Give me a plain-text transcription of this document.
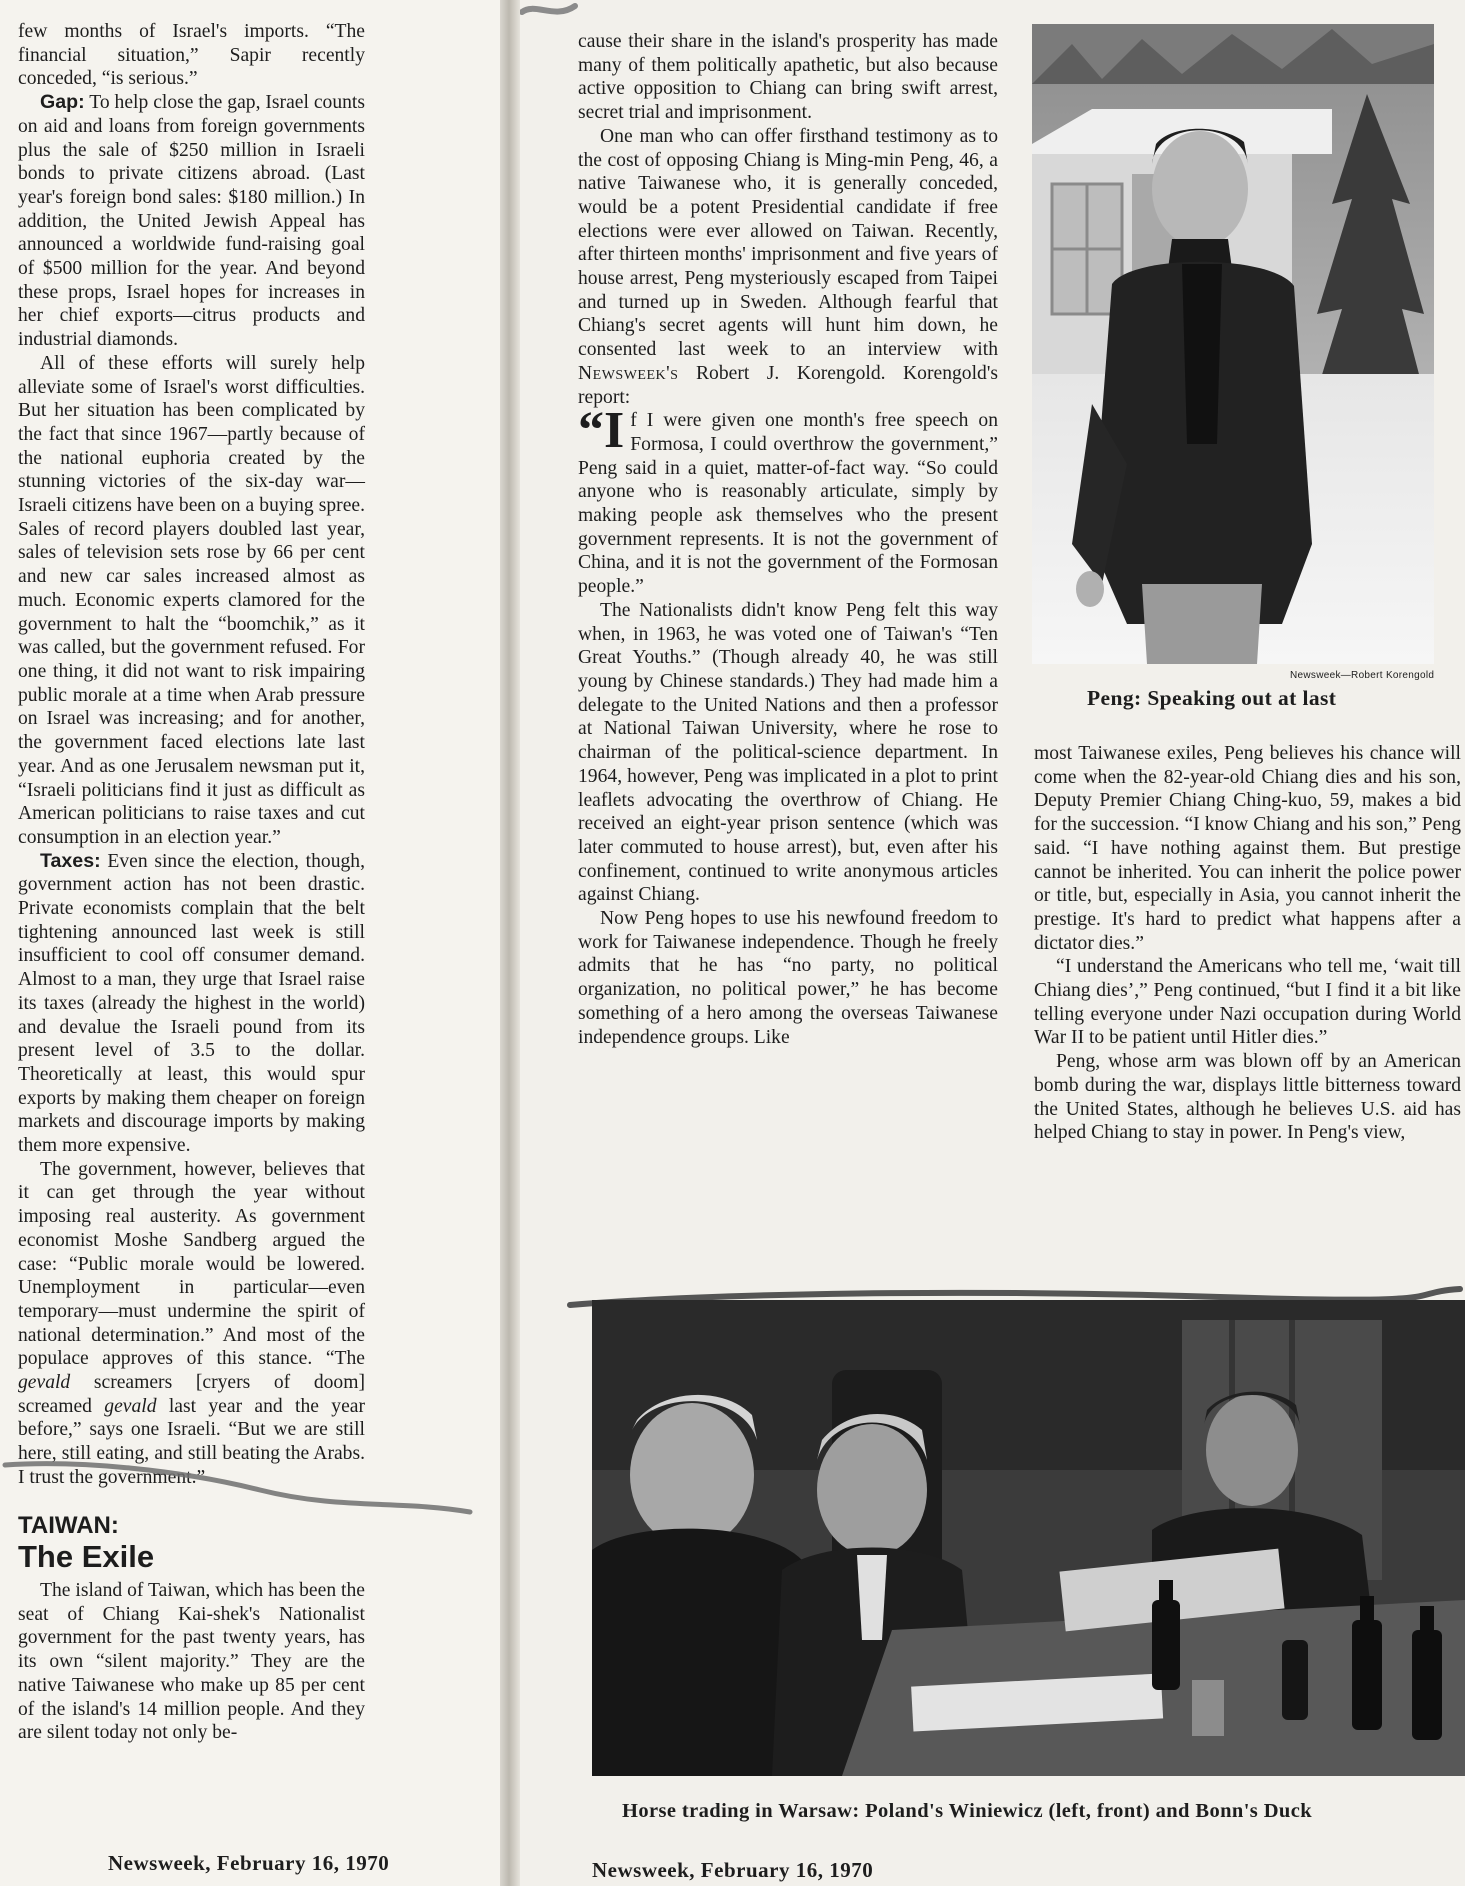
few months of Israel's imports. “The financial situation,” Sapir recently conceded, “is serious.”

Gap: To help close the gap, Israel counts on aid and loans from foreign governments plus the sale of $250 million in Israeli bonds to private citizens abroad. (Last year's foreign bond sales: $180 million.) In addition, the United Jewish Appeal has announced a worldwide fund-raising goal of $500 million for the year. And beyond these props, Israel hopes for increases in her chief exports—citrus products and industrial diamonds.

All of these efforts will surely help alleviate some of Israel's worst difficulties. But her situation has been complicated by the fact that since 1967—partly because of the national euphoria created by the stunning victories of the six-day war—Israeli citizens have been on a buying spree. Sales of record players doubled last year, sales of television sets rose by 66 per cent and new car sales increased almost as much. Economic experts clamored for the government to halt the “boomchik,” as it was called, but the government refused. For one thing, it did not want to risk impairing public morale at a time when Arab pressure on Israel was increasing; and for another, the government faced elections late last year. And as one Jerusalem newsman put it, “Israeli politicians find it just as difficult as American politicians to raise taxes and cut consumption in an election year.”

Taxes: Even since the election, though, government action has not been drastic. Private economists complain that the belt tightening announced last week is still insufficient to cool off consumer demand. Almost to a man, they urge that Israel raise its taxes (already the highest in the world) and devalue the Israeli pound from its present level of 3.5 to the dollar. Theoretically at least, this would spur exports by making them cheaper on foreign markets and discourage imports by making them more expensive.

The government, however, believes that it can get through the year without imposing real austerity. As government economist Moshe Sandberg argued the case: “Public morale would be lowered. Unemployment in particular—even temporary—must undermine the spirit of national determination.” And most of the populace approves of this stance. “The gevald screamers [cryers of doom] screamed gevald last year and the year before,” says one Israeli. “But we are still here, still eating, and still beating the Arabs. I trust the government.”

TAIWAN:
The Exile

The island of Taiwan, which has been the seat of Chiang Kai-shek's Nationalist government for the past twenty years, has its own “silent majority.” They are the native Taiwanese who make up 85 per cent of the island's 14 million people. And they are silent today not only be-

Newsweek, February 16, 1970

cause their share in the island's prosperity has made many of them politically apathetic, but also because active opposition to Chiang can bring swift arrest, secret trial and imprisonment.

One man who can offer firsthand testimony as to the cost of opposing Chiang is Ming-min Peng, 46, a native Taiwanese who, it is generally conceded, would be a potent Presidential candidate if free elections were ever allowed on Taiwan. Recently, after thirteen months' imprisonment and five years of house arrest, Peng mysteriously escaped from Taipei and turned up in Sweden. Although fearful that Chiang's secret agents will hunt him down, he consented last week to an interview with Newsweek's Robert J. Korengold. Korengold's report:

“If I were given one month's free speech on Formosa, I could overthrow the government,” Peng said in a quiet, matter-of-fact way. “So could anyone who is reasonably articulate, simply by making people ask themselves who the present government represents. It is not the government of China, and it is not the government of the Formosan people.”

The Nationalists didn't know Peng felt this way when, in 1963, he was voted one of Taiwan's “Ten Great Youths.” (Though already 40, he was still young by Chinese standards.) They had made him a delegate to the United Nations and then a professor at National Taiwan University, where he rose to chairman of the political-science department. In 1964, however, Peng was implicated in a plot to print leaflets advocating the overthrow of Chiang. He received an eight-year prison sentence (which was later commuted to house arrest), but, even after his confinement, continued to write anonymous articles against Chiang.

Now Peng hopes to use his newfound freedom to work for Taiwanese independence. Though he freely admits that he has “no party, no political organization, no political power,” he has become something of a hero among the overseas Taiwanese independence groups. Like

Newsweek—Robert Korengold
Peng: Speaking out at last

most Taiwanese exiles, Peng believes his chance will come when the 82-year-old Chiang dies and his son, Deputy Premier Chiang Ching-kuo, 59, makes a bid for the succession. “I know Chiang and his son,” Peng said. “I have nothing against them. But prestige cannot be inherited. You can inherit the police power or title, but, especially in Asia, you cannot inherit the prestige. It's hard to predict what happens after a dictator dies.”

“I understand the Americans who tell me, ‘wait till Chiang dies’,” Peng continued, “but I find it a bit like telling everyone under Nazi occupation during World War II to be patient until Hitler dies.”

Peng, whose arm was blown off by an American bomb during the war, displays little bitterness toward the United States, although he believes U.S. aid has helped Chiang to stay in power. In Peng's view,

Horse trading in Warsaw: Poland's Winiewicz (left, front) and Bonn's Duck
Newsweek, February 16, 1970
